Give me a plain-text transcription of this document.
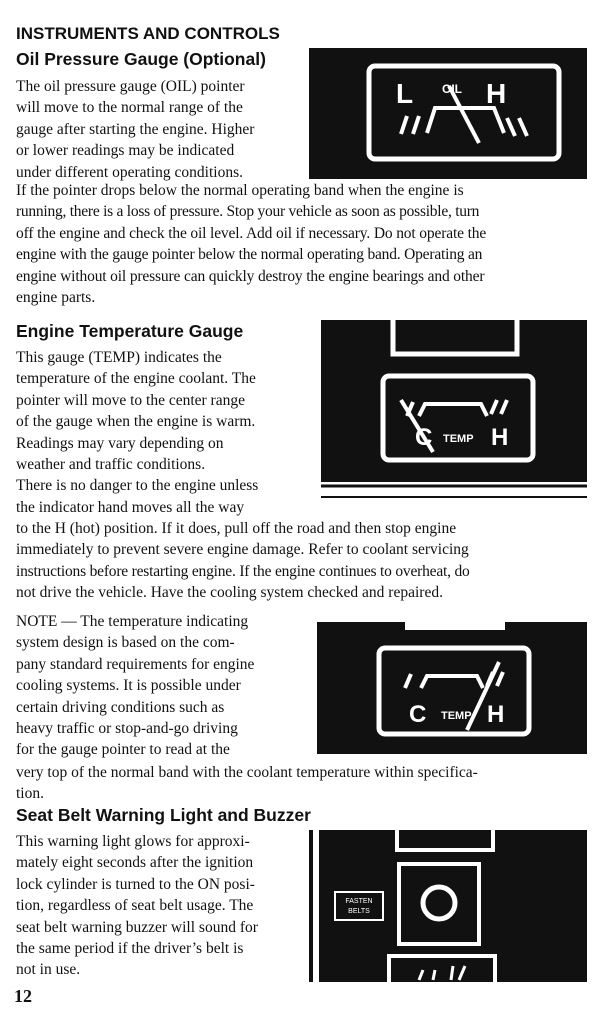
INSTRUMENTS AND CONTROLS
Oil Pressure Gauge (Optional)
The oil pressure gauge (OIL) pointer
will move to the normal range of the
gauge after starting the engine. Higher
or lower readings may be indicated
under different operating conditions.
L OIL H
If the pointer drops below the normal operating band when the engine is
running, there is a loss of pressure. Stop your vehicle as soon as possible, turn
off the engine and check the oil level. Add oil if necessary. Do not operate the
engine with the gauge pointer below the normal operating band. Operating an
engine without oil pressure can quickly destroy the engine bearings and other
engine parts.
Engine Temperature Gauge
This gauge (TEMP) indicates the
temperature of the engine coolant. The
pointer will move to the center range
of the gauge when the engine is warm.
Readings may vary depending on
weather and traffic conditions.
There is no danger to the engine unless
the indicator hand moves all the way
C TEMP H
to the H (hot) position. If it does, pull off the road and then stop engine
immediately to prevent severe engine damage. Refer to coolant servicing
instructions before restarting engine. If the engine continues to overheat, do
not drive the vehicle. Have the cooling system checked and repaired.
NOTE — The temperature indicating
system design is based on the com-
pany standard requirements for engine
cooling systems. It is possible under
certain driving conditions such as
heavy traffic or stop-and-go driving
for the gauge pointer to read at the
C TEMP H
very top of the normal band with the coolant temperature within specifica-
tion.
Seat Belt Warning Light and Buzzer
This warning light glows for approxi-
mately eight seconds after the ignition
lock cylinder is turned to the ON posi-
tion, regardless of seat belt usage. The
seat belt warning buzzer will sound for
the same period if the driver’s belt is
not in use.
FASTEN
BELTS
12
